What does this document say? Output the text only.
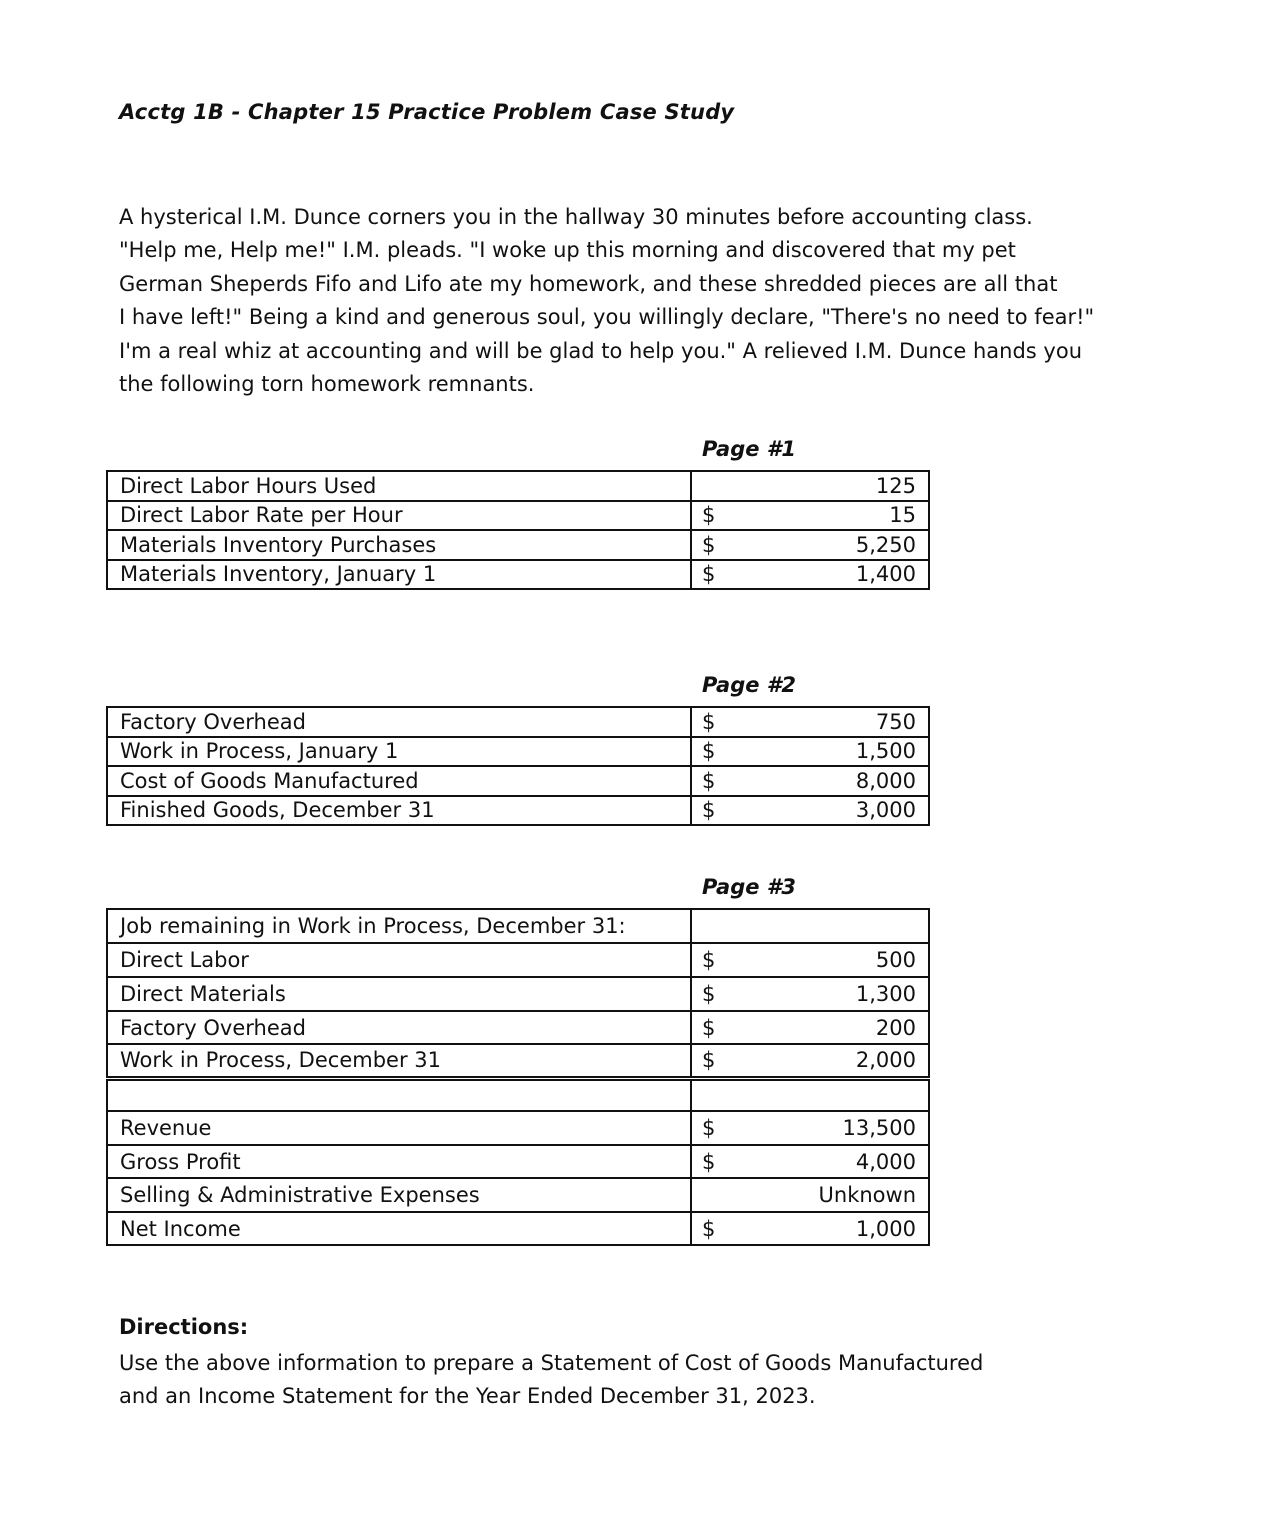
Acctg 1B - Chapter 15 Practice Problem Case Study
A hysterical I.M. Dunce corners you in the hallway 30 minutes before accounting class.
"Help me, Help me!" I.M. pleads. "I woke up this morning and discovered that my pet
German Sheperds Fifo and Lifo ate my homework, and these shredded pieces are all that
I have left!" Being a kind and generous soul, you willingly declare, "There's no need to fear!"
I'm a real whiz at accounting and will be glad to help you." A relieved I.M. Dunce hands you
the following torn homework remnants.
Page #1
Direct Labor Hours Used	125

Direct Labor Rate per Hour	$ 15

Materials Inventory Purchases	$ 5,250

Materials Inventory, January 1	$ 1,400
Page #2
Factory Overhead	$ 750

Work in Process, January 1	$ 1,500

Cost of Goods Manufactured	$ 8,000

Finished Goods, December 31	$ 3,000
Page #3
Job remaining in Work in Process, December 31:	

Direct Labor	$ 500

Direct Materials	$ 1,300

Factory Overhead	$ 200

Work in Process, December 31	$ 2,000

Revenue	$ 13,500

Gross Profit	$ 4,000

Selling & Administrative Expenses	Unknown

Net Income	$ 1,000
Directions:
Use the above information to prepare a Statement of Cost of Goods Manufactured
and an Income Statement for the Year Ended December 31, 2023.
